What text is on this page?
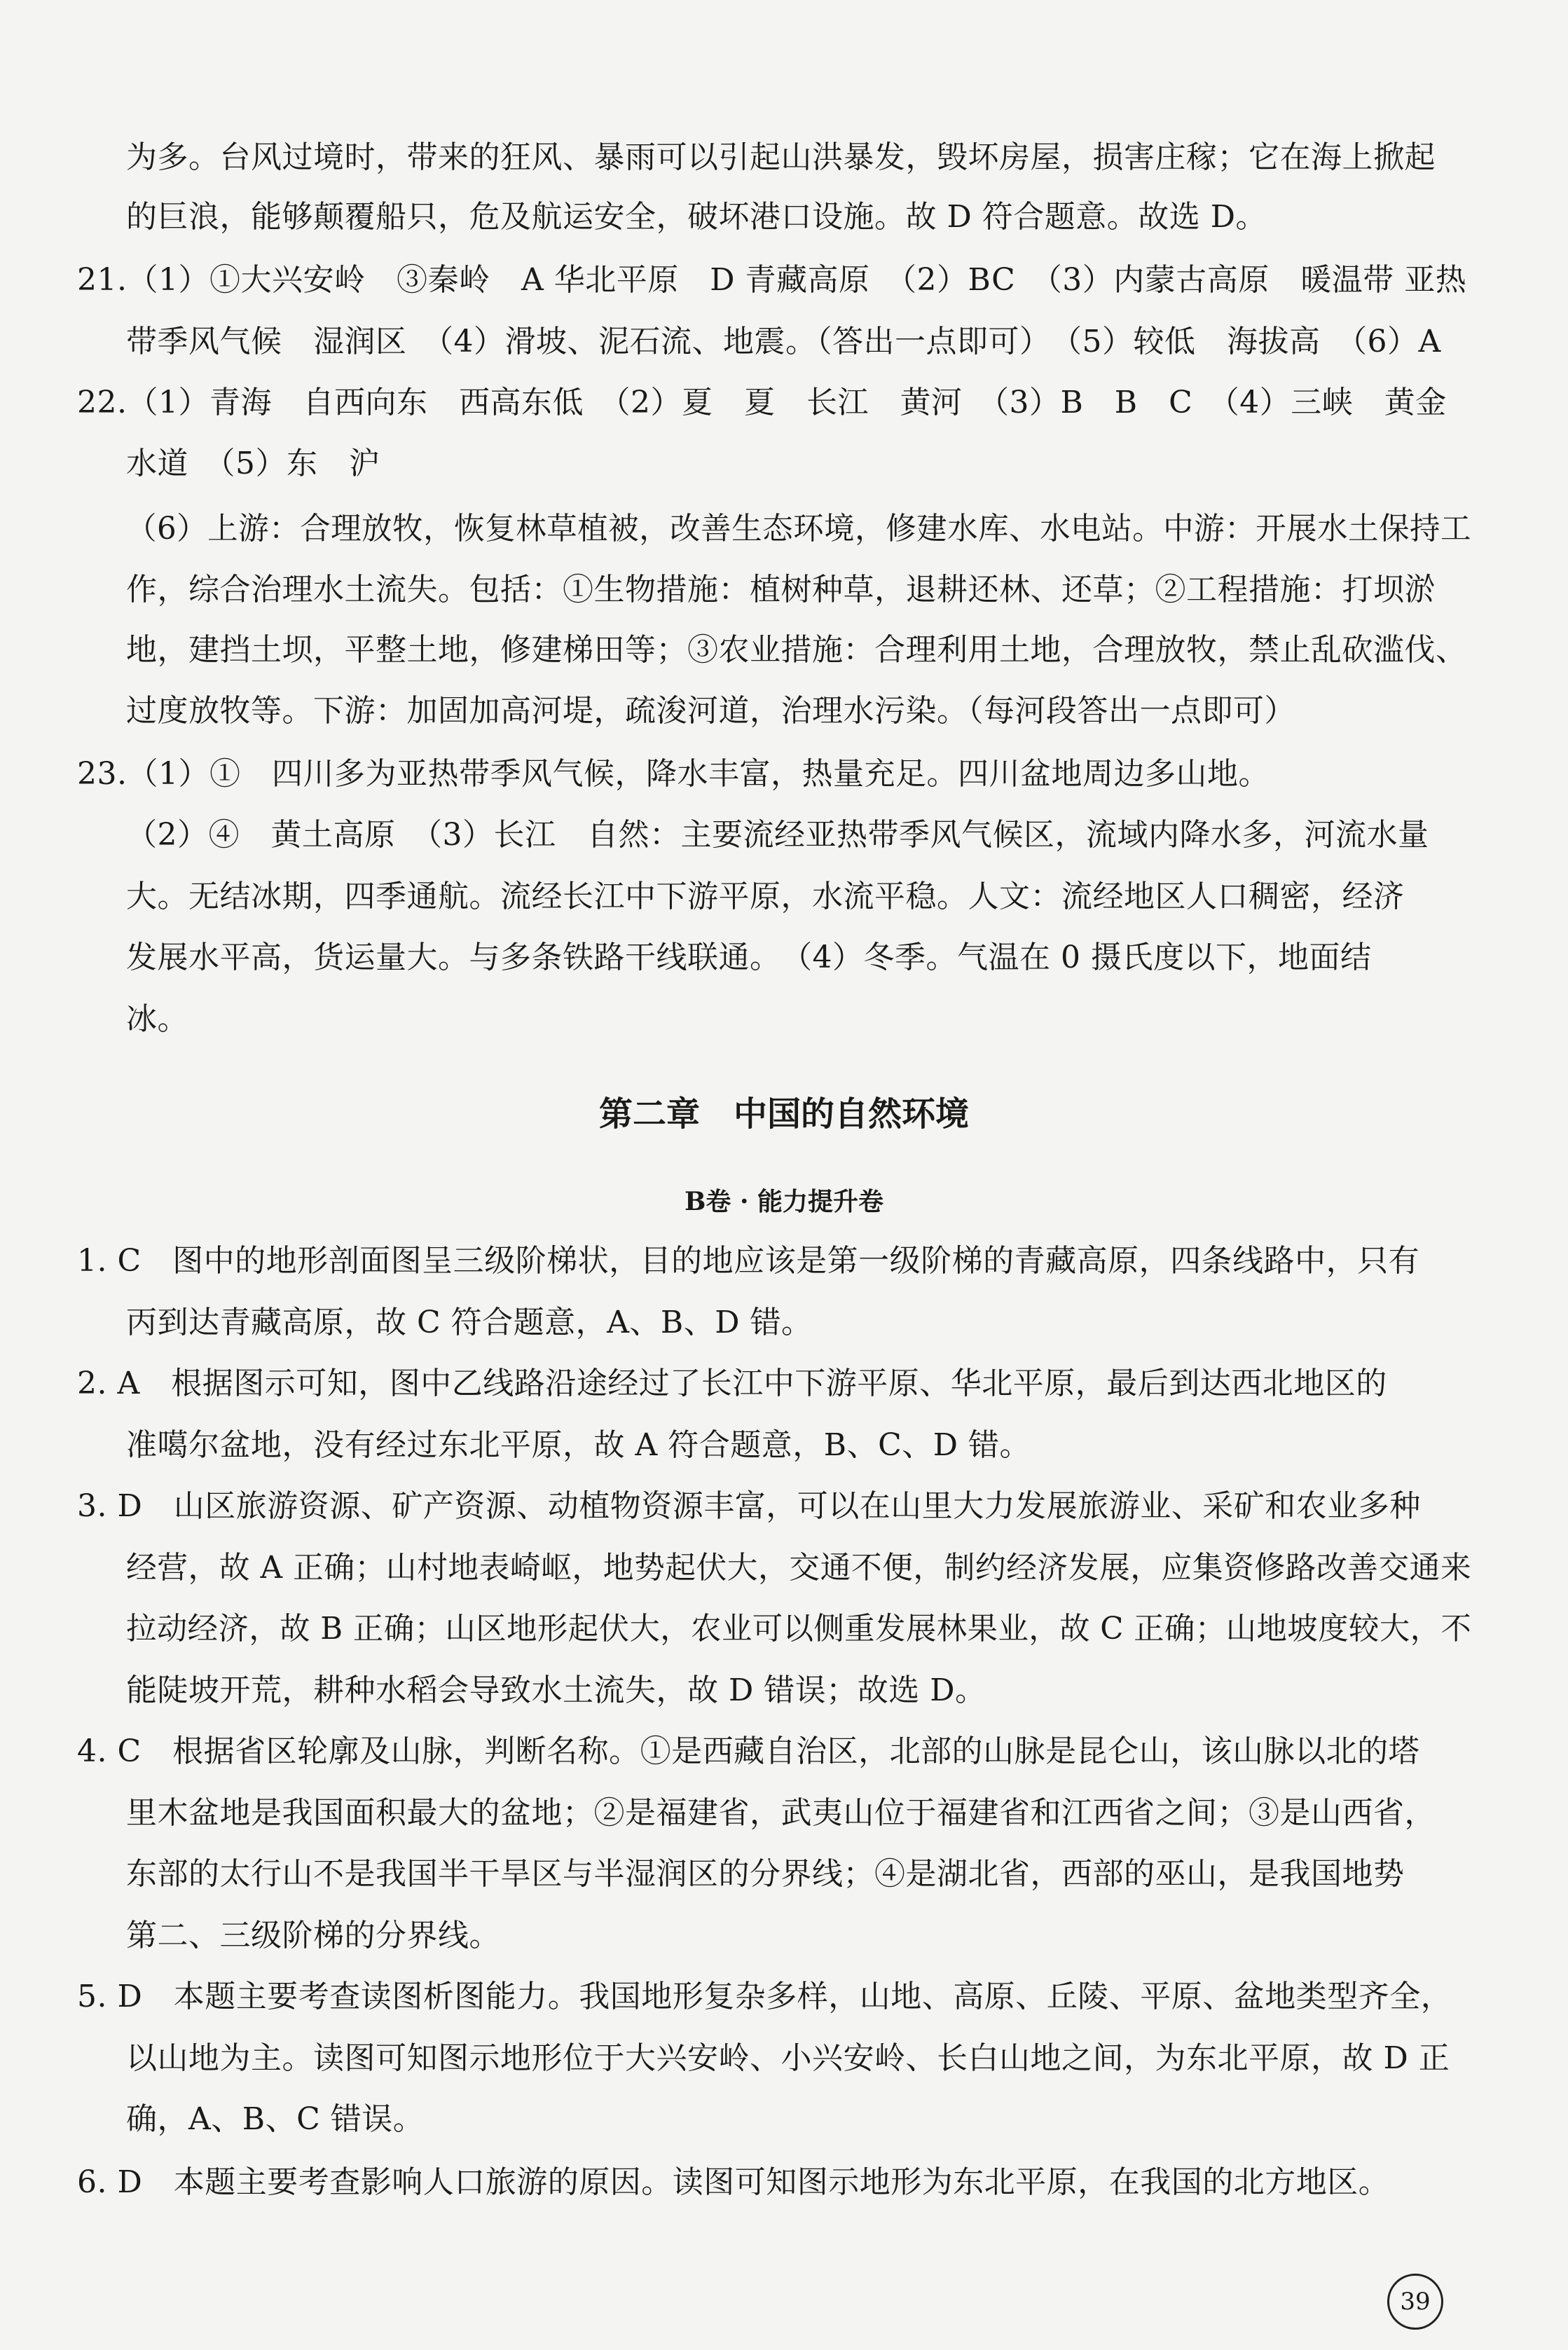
为多。台风过境时，带来的狂风、暴雨可以引起山洪暴发，毁坏房屋，损害庄稼；它在海上掀起
的巨浪，能够颠覆船只，危及航运安全，破坏港口设施。故 D 符合题意。故选 D。
21.（1）①大兴安岭　③秦岭　A 华北平原　D 青藏高原　（2）BC　（3）内蒙古高原　暖温带 亚热
带季风气候　湿润区　（4）滑坡、泥石流、地震。（答出一点即可）　（5）较低　海拔高　（6）A
22.（1）青海　自西向东　西高东低　（2）夏　夏　长江　黄河　（3）B　B　C　（4）三峡　黄金
水道　（5）东　沪
（6）上游：合理放牧，恢复林草植被，改善生态环境，修建水库、水电站。中游：开展水土保持工
作，综合治理水土流失。包括：①生物措施：植树种草，退耕还林、还草；②工程措施：打坝淤
地，建挡土坝，平整土地，修建梯田等；③农业措施：合理利用土地，合理放牧，禁止乱砍滥伐、
过度放牧等。下游：加固加高河堤，疏浚河道，治理水污染。（每河段答出一点即可）
23.（1）①　四川多为亚热带季风气候，降水丰富，热量充足。四川盆地周边多山地。
（2）④　黄土高原　（3）长江　自然：主要流经亚热带季风气候区，流域内降水多，河流水量
大。无结冰期，四季通航。流经长江中下游平原，水流平稳。人文：流经地区人口稠密，经济
发展水平高，货运量大。与多条铁路干线联通。　（4）冬季。气温在 0 摄氏度以下，地面结
冰。
第二章　中国的自然环境
B卷 · 能力提升卷
1. C　图中的地形剖面图呈三级阶梯状，目的地应该是第一级阶梯的青藏高原，四条线路中，只有
丙到达青藏高原，故 C 符合题意，A、B、D 错。
2. A　根据图示可知，图中乙线路沿途经过了长江中下游平原、华北平原，最后到达西北地区的
准噶尔盆地，没有经过东北平原，故 A 符合题意，B、C、D 错。
3. D　山区旅游资源、矿产资源、动植物资源丰富，可以在山里大力发展旅游业、采矿和农业多种
经营，故 A 正确；山村地表崎岖，地势起伏大，交通不便，制约经济发展，应集资修路改善交通来
拉动经济，故 B 正确；山区地形起伏大，农业可以侧重发展林果业，故 C 正确；山地坡度较大，不
能陡坡开荒，耕种水稻会导致水土流失，故 D 错误；故选 D。
4. C　根据省区轮廓及山脉，判断名称。①是西藏自治区，北部的山脉是昆仑山，该山脉以北的塔
里木盆地是我国面积最大的盆地；②是福建省，武夷山位于福建省和江西省之间；③是山西省，
东部的太行山不是我国半干旱区与半湿润区的分界线；④是湖北省，西部的巫山，是我国地势
第二、三级阶梯的分界线。
5. D　本题主要考查读图析图能力。我国地形复杂多样，山地、高原、丘陵、平原、盆地类型齐全，
以山地为主。读图可知图示地形位于大兴安岭、小兴安岭、长白山地之间，为东北平原，故 D 正
确，A、B、C 错误。
6. D　本题主要考查影响人口旅游的原因。读图可知图示地形为东北平原，在我国的北方地区。
39
